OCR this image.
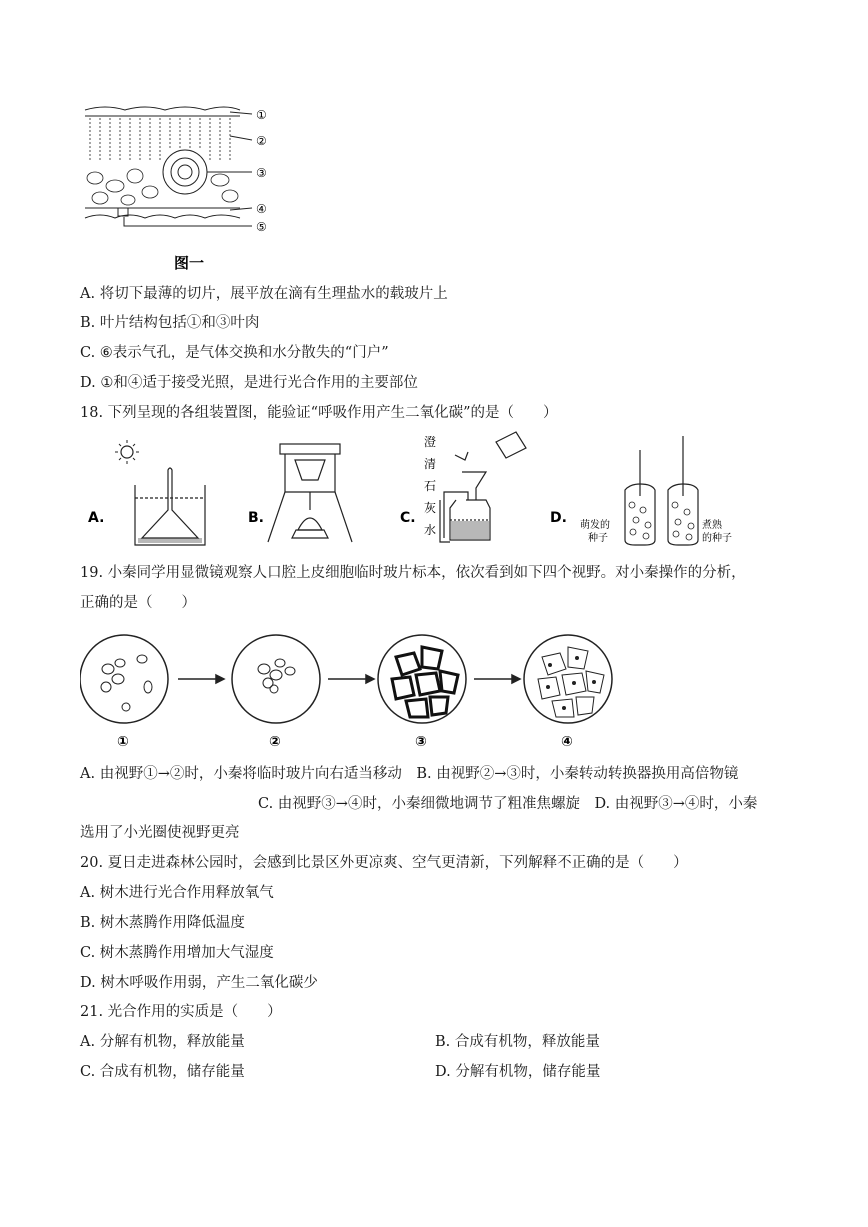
①
②
③
④
⑤
图一
A. 将切下最薄的切片，展平放在滴有生理盐水的载玻片上
B. 叶片结构包括①和③叶肉
C. ⑥表示气孔，是气体交换和水分散失的“门户”
D. ①和④适于接受光照，是进行光合作用的主要部位
18. 下列呈现的各组装置图，能验证“呼吸作用产生二氧化碳”的是（　　）
A.	B.	C.	D.
澄
清
石
灰
水	萌发的
种子
煮熟
的种子
19. 小秦同学用显微镜观察人口腔上皮细胞临时玻片标本，依次看到如下四个视野。对小秦操作的分析，
正确的是（　　）
①	②	③	④
A. 由视野①→②时，小秦将临时玻片向右适当移动　B. 由视野②→③时，小秦转动转换器换用高倍物镜
C. 由视野③→④时，小秦细微地调节了粗准焦螺旋　D. 由视野③→④时，小秦
选用了小光圈使视野更亮
20. 夏日走进森林公园时，会感到比景区外更凉爽、空气更清新，下列解释不正确的是（　　）
A. 树木进行光合作用释放氧气
B. 树木蒸腾作用降低温度
C. 树木蒸腾作用增加大气湿度
D. 树木呼吸作用弱，产生二氧化碳少
21. 光合作用的实质是（　　）
A. 分解有机物，释放能量	B. 合成有机物，释放能量
C. 合成有机物，储存能量	D. 分解有机物，储存能量
